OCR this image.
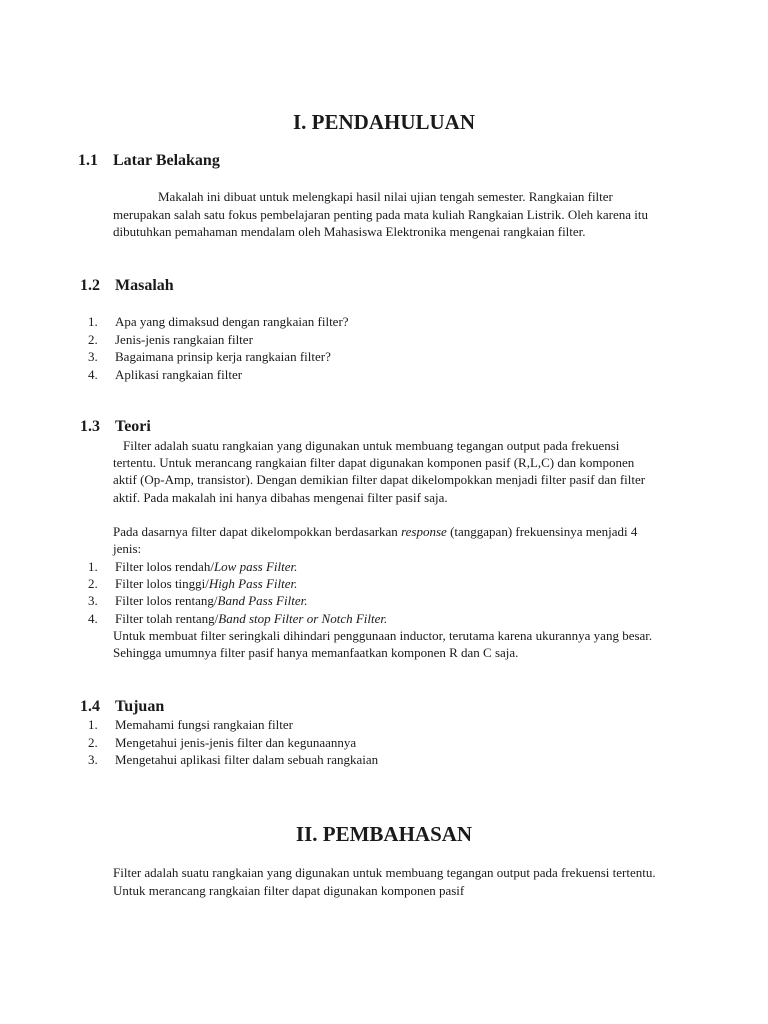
I. PENDAHULUAN
1.1 Latar Belakang

Makalah ini dibuat untuk melengkapi hasil nilai ujian tengah semester. Rangkaian filter merupakan salah satu fokus pembelajaran penting pada mata kuliah Rangkaian Listrik. Oleh karena itu dibutuhkan pemahaman mendalam oleh Mahasiswa Elektronika mengenai rangkaian filter.

1.2 Masalah
1.	Apa yang dimaksud dengan rangkaian filter?
2.	Jenis-jenis rangkaian filter
3.	Bagaimana prinsip kerja rangkaian filter?
4.	Aplikasi rangkaian filter
1.3 Teori

Filter adalah suatu rangkaian yang digunakan untuk membuang tegangan output pada frekuensi tertentu. Untuk merancang rangkaian filter dapat digunakan komponen pasif (R,L,C) dan komponen aktif (Op-Amp, transistor). Dengan demikian filter dapat dikelompokkan menjadi filter pasif dan filter aktif. Pada makalah ini hanya dibahas mengenai filter pasif saja.

Pada dasarnya filter dapat dikelompokkan berdasarkan response (tanggapan) frekuensinya menjadi 4 jenis:

1.	Filter lolos rendah/ Low pass Filter.
2.	Filter lolos tinggi/ High Pass Filter.
3.	Filter lolos rentang/ Band Pass Filter.
4.	Filter tolah rentang/ Band stop Filter or Notch Filter.

Untuk membuat filter seringkali dihindari penggunaan inductor, terutama karena ukurannya yang besar. Sehingga umumnya filter pasif hanya memanfaatkan komponen R dan C saja.

1.4 Tujuan
1.	Memahami fungsi rangkaian filter
2.	Mengetahui jenis-jenis filter dan kegunaannya
3.	Mengetahui aplikasi filter dalam sebuah rangkaian
II. PEMBAHASAN

Filter adalah suatu rangkaian yang digunakan untuk membuang tegangan output pada frekuensi tertentu. Untuk merancang rangkaian filter dapat digunakan komponen pasif
